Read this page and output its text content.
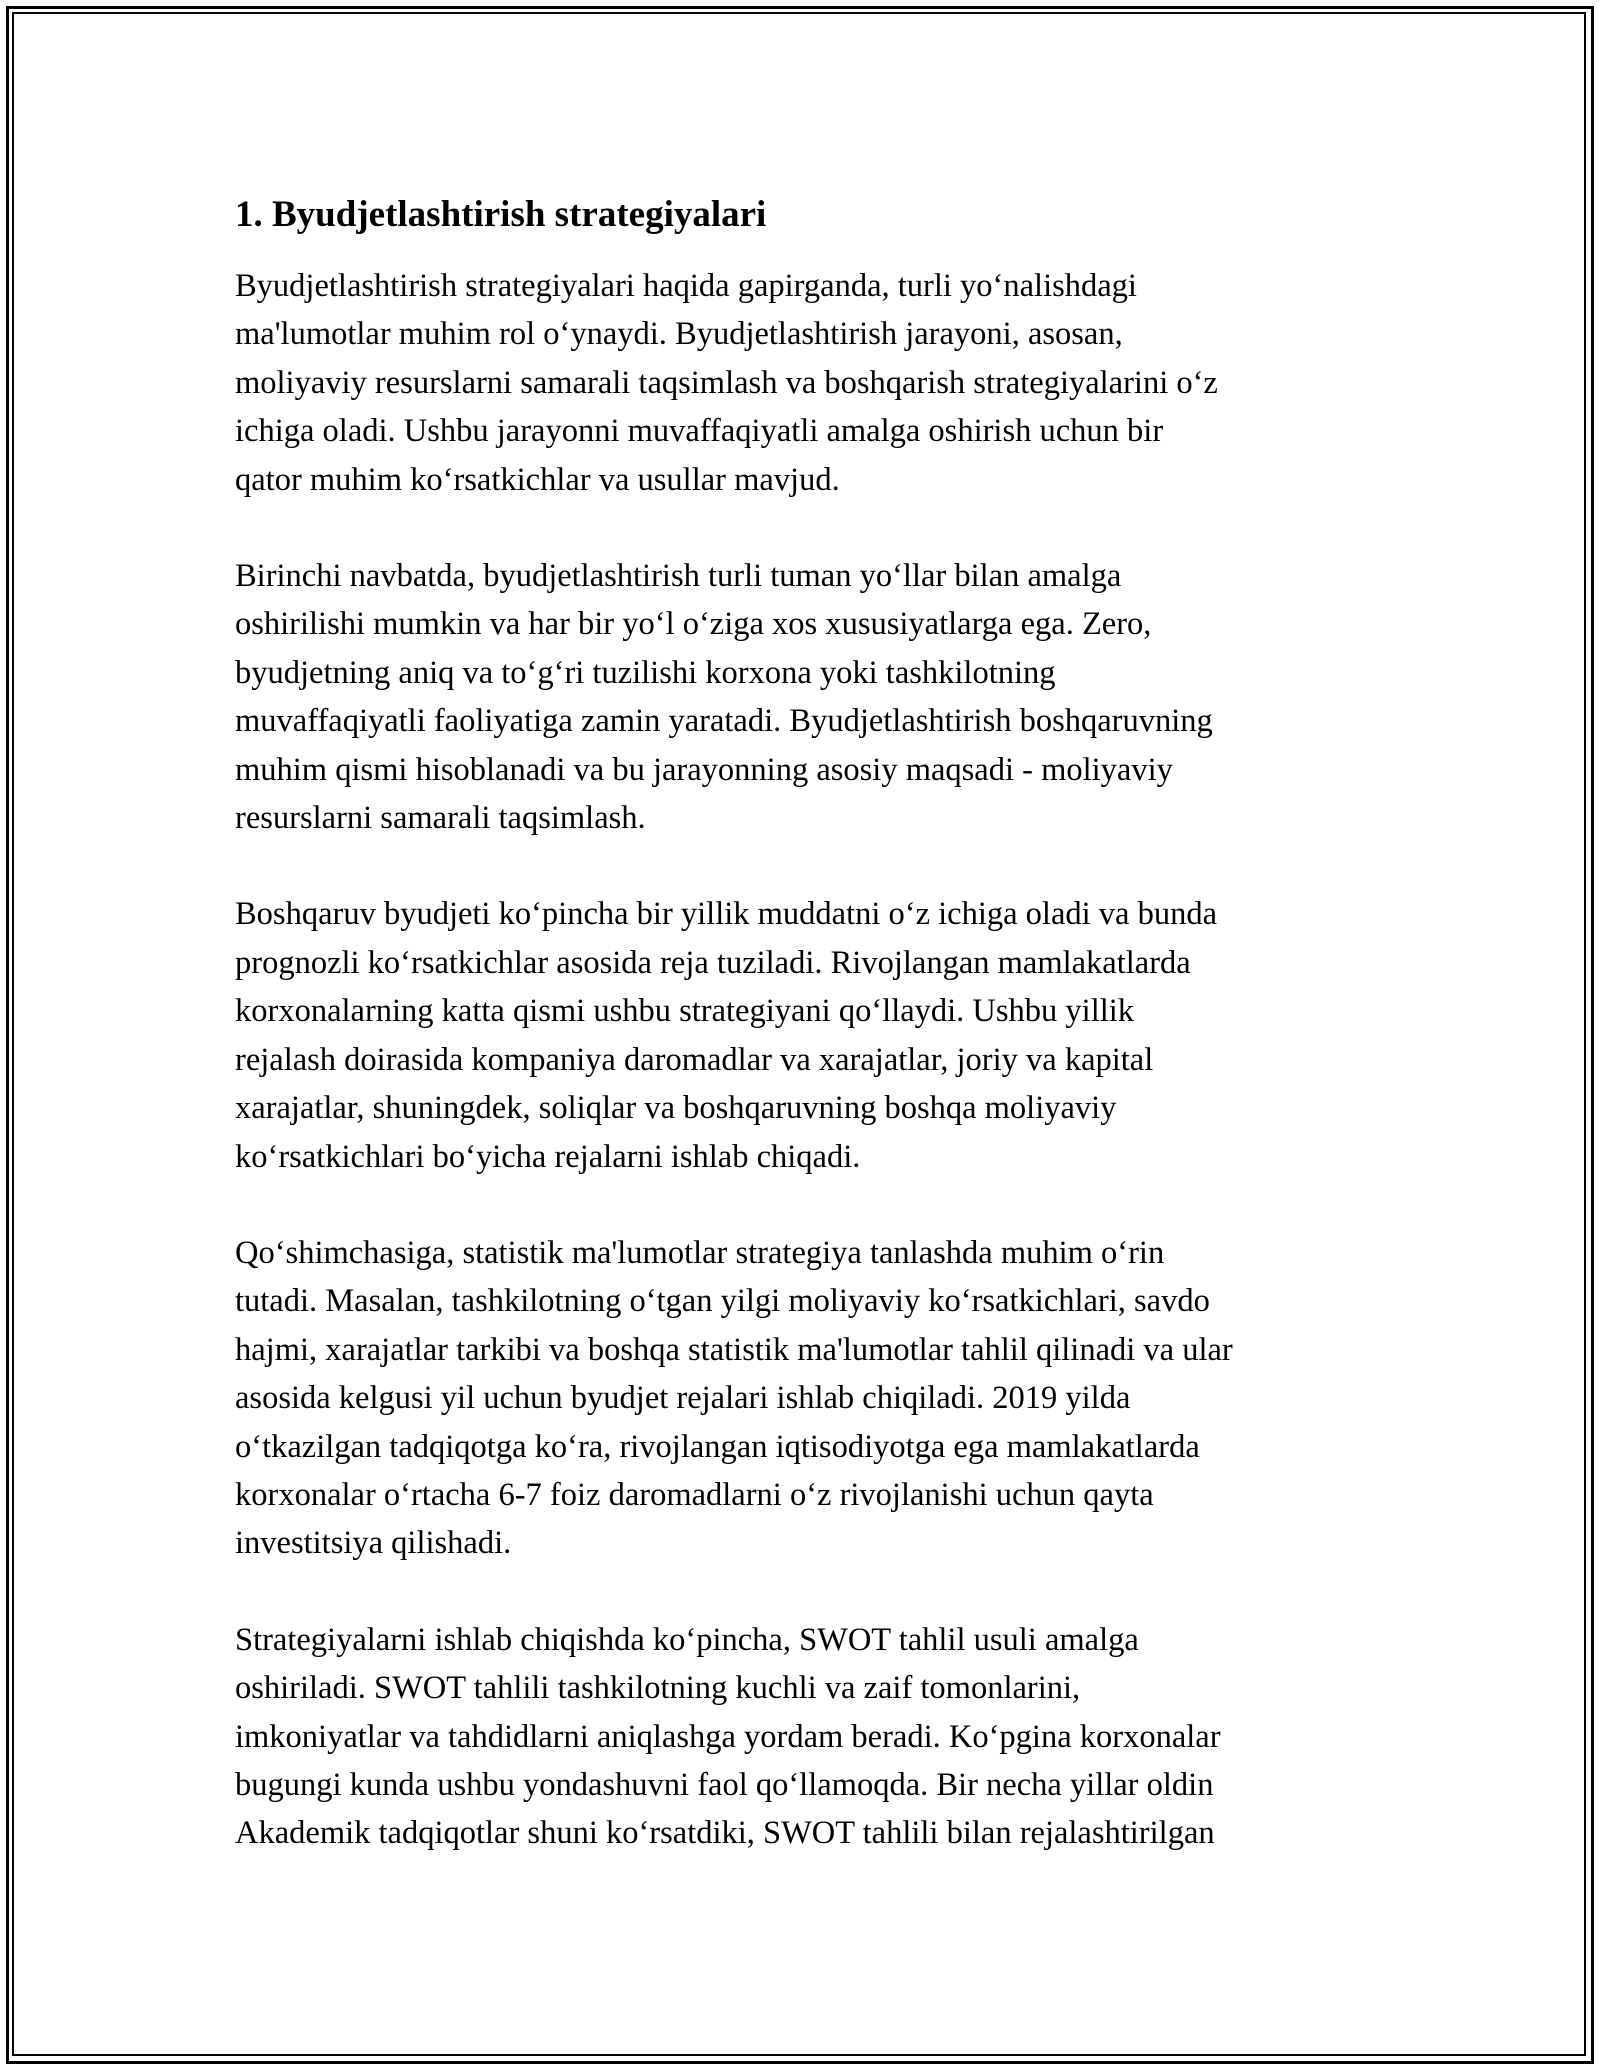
1. Byudjetlashtirish strategiyalari

Byudjetlashtirish strategiyalari haqida gapirganda, turli yo‘nalishdagi
ma'lumotlar muhim rol o‘ynaydi. Byudjetlashtirish jarayoni, asosan,
moliyaviy resurslarni samarali taqsimlash va boshqarish strategiyalarini o‘z
ichiga oladi. Ushbu jarayonni muvaffaqiyatli amalga oshirish uchun bir
qator muhim ko‘rsatkichlar va usullar mavjud.

Birinchi navbatda, byudjetlashtirish turli tuman yo‘llar bilan amalga
oshirilishi mumkin va har bir yo‘l o‘ziga xos xususiyatlarga ega. Zero,
byudjetning aniq va to‘g‘ri tuzilishi korxona yoki tashkilotning
muvaffaqiyatli faoliyatiga zamin yaratadi. Byudjetlashtirish boshqaruvning
muhim qismi hisoblanadi va bu jarayonning asosiy maqsadi - moliyaviy
resurslarni samarali taqsimlash.

Boshqaruv byudjeti ko‘pincha bir yillik muddatni o‘z ichiga oladi va bunda
prognozli ko‘rsatkichlar asosida reja tuziladi. Rivojlangan mamlakatlarda
korxonalarning katta qismi ushbu strategiyani qo‘llaydi. Ushbu yillik
rejalash doirasida kompaniya daromadlar va xarajatlar, joriy va kapital
xarajatlar, shuningdek, soliqlar va boshqaruvning boshqa moliyaviy
ko‘rsatkichlari bo‘yicha rejalarni ishlab chiqadi.

Qo‘shimchasiga, statistik ma'lumotlar strategiya tanlashda muhim o‘rin
tutadi. Masalan, tashkilotning o‘tgan yilgi moliyaviy ko‘rsatkichlari, savdo
hajmi, xarajatlar tarkibi va boshqa statistik ma'lumotlar tahlil qilinadi va ular
asosida kelgusi yil uchun byudjet rejalari ishlab chiqiladi. 2019 yilda
o‘tkazilgan tadqiqotga ko‘ra, rivojlangan iqtisodiyotga ega mamlakatlarda
korxonalar o‘rtacha 6-7 foiz daromadlarni o‘z rivojlanishi uchun qayta
investitsiya qilishadi.

Strategiyalarni ishlab chiqishda ko‘pincha, SWOT tahlil usuli amalga
oshiriladi. SWOT tahlili tashkilotning kuchli va zaif tomonlarini,
imkoniyatlar va tahdidlarni aniqlashga yordam beradi. Ko‘pgina korxonalar
bugungi kunda ushbu yondashuvni faol qo‘llamoqda. Bir necha yillar oldin
Akademik tadqiqotlar shuni ko‘rsatdiki, SWOT tahlili bilan rejalashtirilgan
